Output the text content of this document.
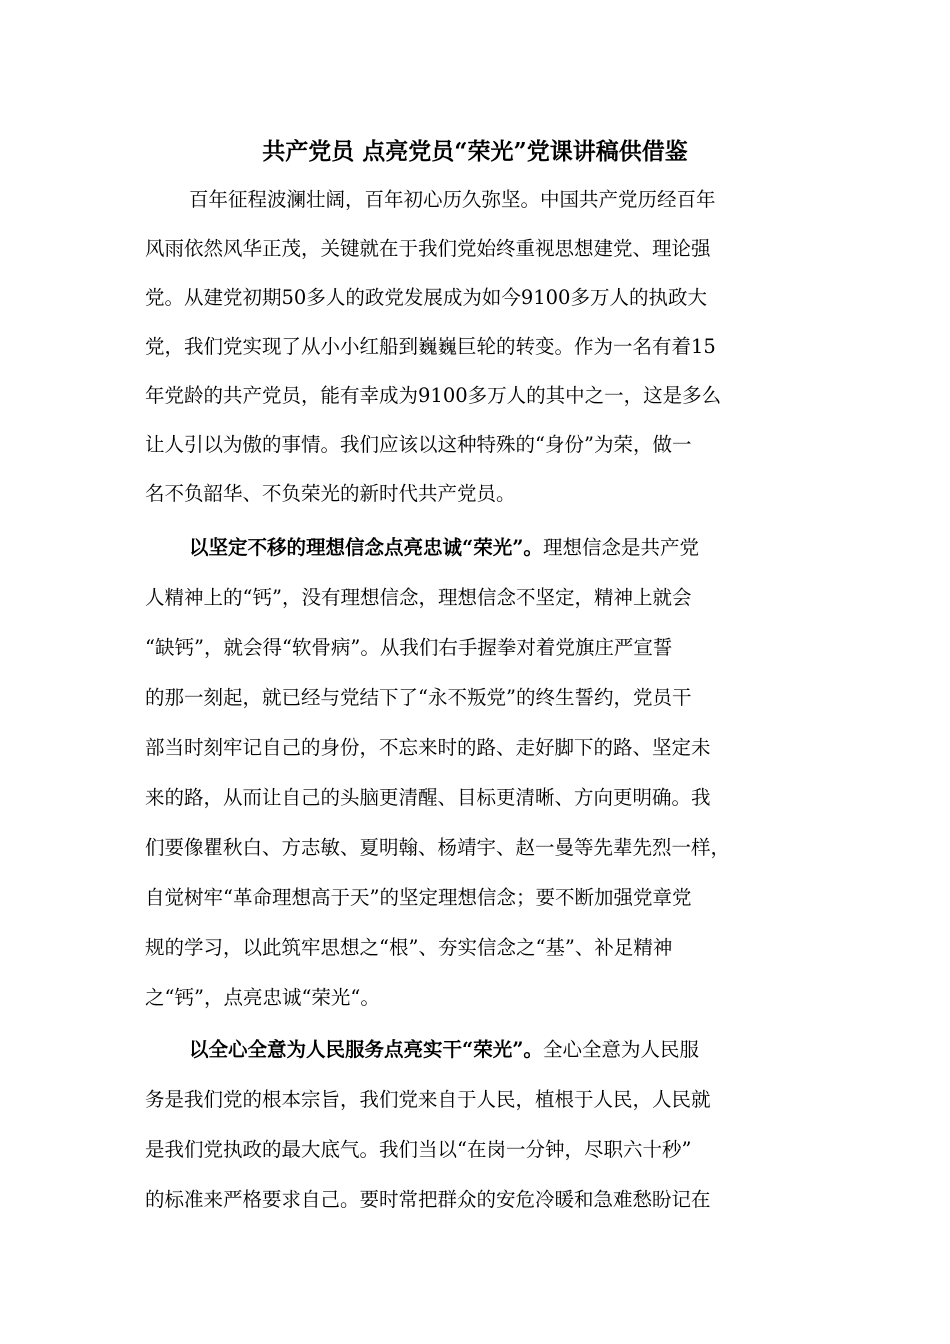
共产党员 点亮党员“荣光”党课讲稿供借鉴
百年征程波澜壮阔，百年初心历久弥坚。中国共产党历经百年
风雨依然风华正茂，关键就在于我们党始终重视思想建党、理论强
党。从建党初期50多人的政党发展成为如今9100多万人的执政大
党，我们党实现了从小小红船到巍巍巨轮的转变。作为一名有着15
年党龄的共产党员，能有幸成为9100多万人的其中之一，这是多么
让人引以为傲的事情。我们应该以这种特殊的“身份”为荣，做一
名不负韶华、不负荣光的新时代共产党员。
以坚定不移的理想信念点亮忠诚“荣光”。理想信念是共产党
人精神上的“钙”，没有理想信念，理想信念不坚定，精神上就会
“缺钙”，就会得“软骨病”。从我们右手握拳对着党旗庄严宣誓
的那一刻起，就已经与党结下了“永不叛党”的终生誓约，党员干
部当时刻牢记自己的身份，不忘来时的路、走好脚下的路、坚定未
来的路，从而让自己的头脑更清醒、目标更清晰、方向更明确。我
们要像瞿秋白、方志敏、夏明翰、杨靖宇、赵一曼等先辈先烈一样，
自觉树牢“革命理想高于天”的坚定理想信念；要不断加强党章党
规的学习，以此筑牢思想之“根”、夯实信念之“基”、补足精神
之“钙”，点亮忠诚“荣光“。
以全心全意为人民服务点亮实干“荣光”。全心全意为人民服
务是我们党的根本宗旨，我们党来自于人民，植根于人民，人民就
是我们党执政的最大底气。我们当以“在岗一分钟，尽职六十秒”
的标准来严格要求自己。要时常把群众的安危冷暖和急难愁盼记在
